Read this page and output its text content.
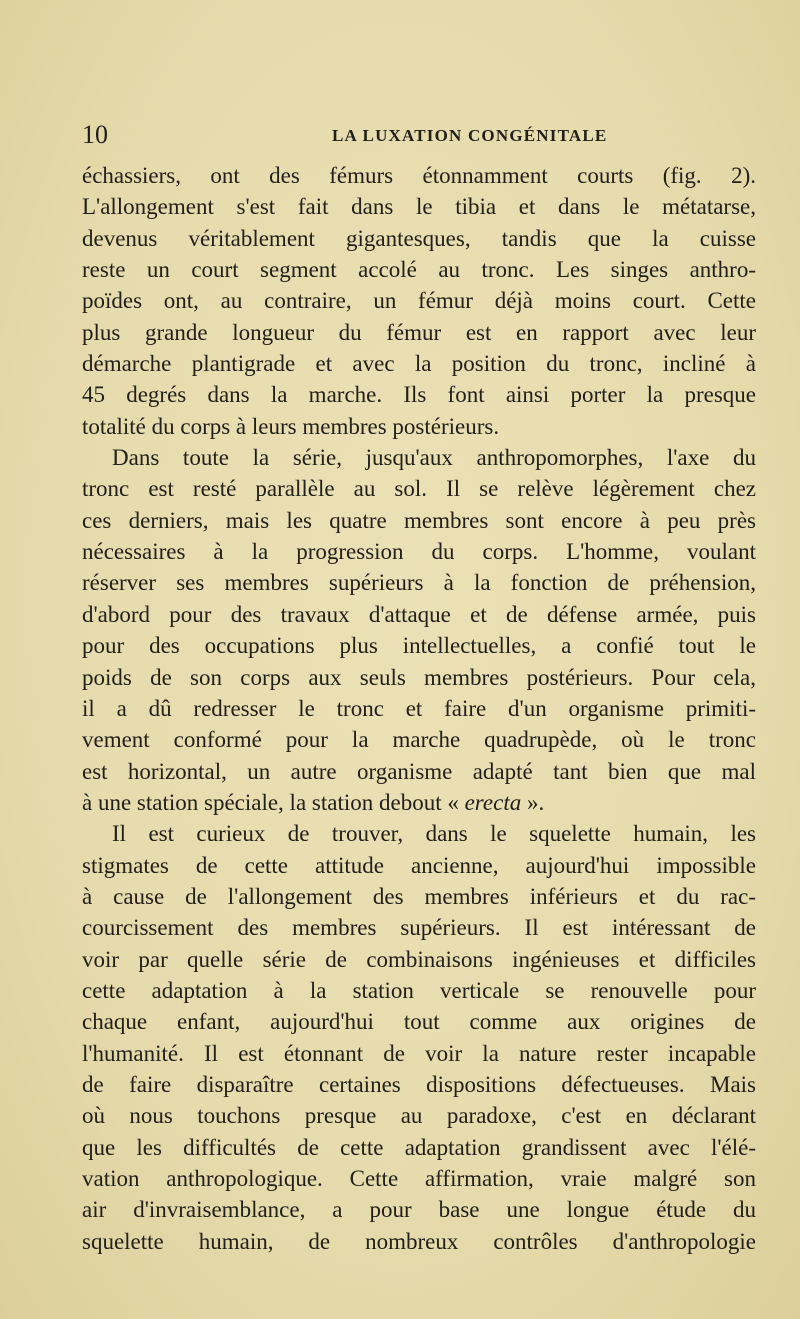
10	LA LUXATION CONGÉNITALE
échassiers, ont des fémurs étonnamment courts (fig. 2).
L'allongement s'est fait dans le tibia et dans le métatarse,
devenus véritablement gigantesques, tandis que la cuisse
reste un court segment accolé au tronc. Les singes anthro-
poïdes ont, au contraire, un fémur déjà moins court. Cette
plus grande longueur du fémur est en rapport avec leur
démarche plantigrade et avec la position du tronc, incliné à
45 degrés dans la marche. Ils font ainsi porter la presque
totalité du corps à leurs membres postérieurs.
Dans toute la série, jusqu'aux anthropomorphes, l'axe du
tronc est resté parallèle au sol. Il se relève légèrement chez
ces derniers, mais les quatre membres sont encore à peu près
nécessaires à la progression du corps. L'homme, voulant
réserver ses membres supérieurs à la fonction de préhension,
d'abord pour des travaux d'attaque et de défense armée, puis
pour des occupations plus intellectuelles, a confié tout le
poids de son corps aux seuls membres postérieurs. Pour cela,
il a dû redresser le tronc et faire d'un organisme primiti-
vement conformé pour la marche quadrupède, où le tronc
est horizontal, un autre organisme adapté tant bien que mal
à une station spéciale, la station debout « erecta ».
Il est curieux de trouver, dans le squelette humain, les
stigmates de cette attitude ancienne, aujourd'hui impossible
à cause de l'allongement des membres inférieurs et du rac-
courcissement des membres supérieurs. Il est intéressant de
voir par quelle série de combinaisons ingénieuses et difficiles
cette adaptation à la station verticale se renouvelle pour
chaque enfant, aujourd'hui tout comme aux origines de
l'humanité. Il est étonnant de voir la nature rester incapable
de faire disparaître certaines dispositions défectueuses. Mais
où nous touchons presque au paradoxe, c'est en déclarant
que les difficultés de cette adaptation grandissent avec l'élé-
vation anthropologique. Cette affirmation, vraie malgré son
air d'invraisemblance, a pour base une longue étude du
squelette humain, de nombreux contrôles d'anthropologie
